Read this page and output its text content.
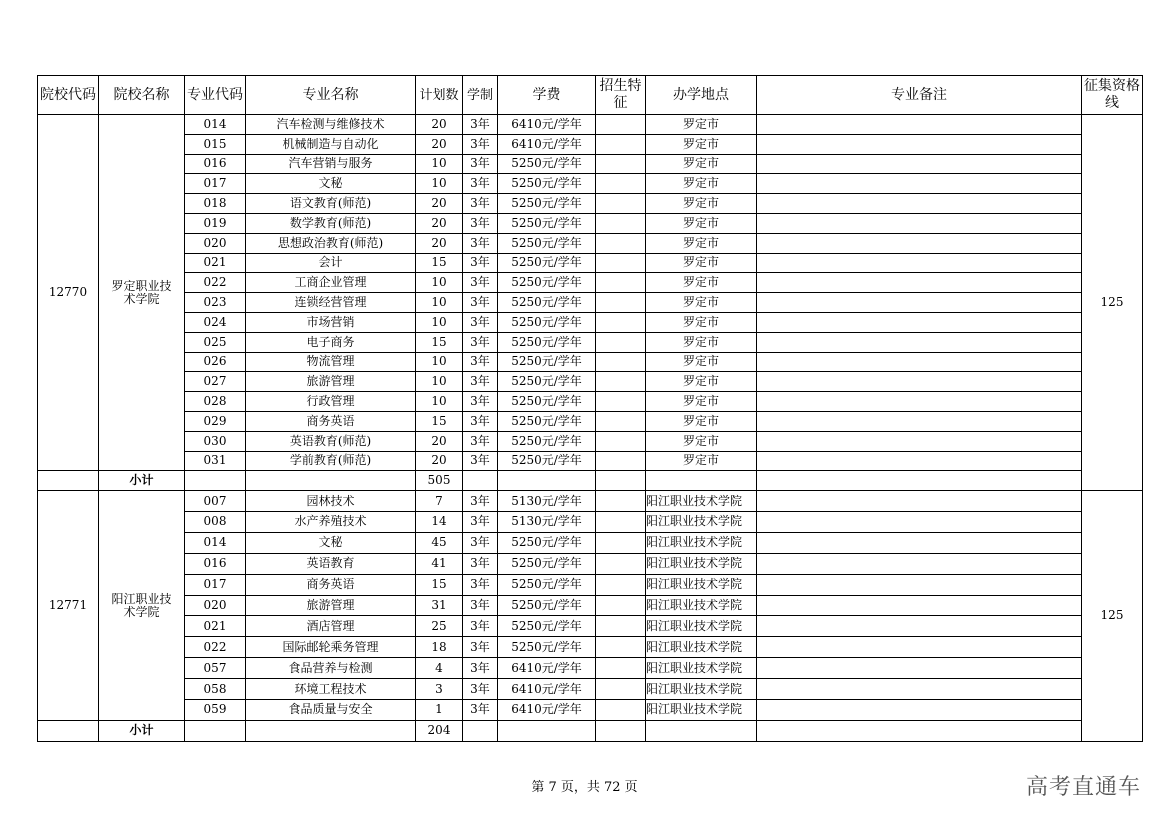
院校代码	院校名称	专业代码	专业名称	计划数	学制	学费	招生特征	办学地点	专业备注	征集资格线
12770	罗定职业技术学院	014	汽车检测与维修技术	20	3年	6410元/学年		罗定市		125
		015	机械制造与自动化	20	3年	6410元/学年		罗定市		
		016	汽车营销与服务	10	3年	5250元/学年		罗定市		
		017	文秘	10	3年	5250元/学年		罗定市		
		018	语文教育(师范)	20	3年	5250元/学年		罗定市		
		019	数学教育(师范)	20	3年	5250元/学年		罗定市		
		020	思想政治教育(师范)	20	3年	5250元/学年		罗定市		
		021	会计	15	3年	5250元/学年		罗定市		
		022	工商企业管理	10	3年	5250元/学年		罗定市		
		023	连锁经营管理	10	3年	5250元/学年		罗定市		
		024	市场营销	10	3年	5250元/学年		罗定市		
		025	电子商务	15	3年	5250元/学年		罗定市		
		026	物流管理	10	3年	5250元/学年		罗定市		
		027	旅游管理	10	3年	5250元/学年		罗定市		
		028	行政管理	10	3年	5250元/学年		罗定市		
		029	商务英语	15	3年	5250元/学年		罗定市		
		030	英语教育(师范)	20	3年	5250元/学年		罗定市		
		031	学前教育(师范)	20	3年	5250元/学年		罗定市		
	小计			505						
12771	阳江职业技术学院	007	园林技术	7	3年	5130元/学年		阳江职业技术学院		125
		008	水产养殖技术	14	3年	5130元/学年		阳江职业技术学院		
		014	文秘	45	3年	5250元/学年		阳江职业技术学院		
		016	英语教育	41	3年	5250元/学年		阳江职业技术学院		
		017	商务英语	15	3年	5250元/学年		阳江职业技术学院		
		020	旅游管理	31	3年	5250元/学年		阳江职业技术学院		
		021	酒店管理	25	3年	5250元/学年		阳江职业技术学院		
		022	国际邮轮乘务管理	18	3年	5250元/学年		阳江职业技术学院		
		057	食品营养与检测	4	3年	6410元/学年		阳江职业技术学院		
		058	环境工程技术	3	3年	6410元/学年		阳江职业技术学院		
		059	食品质量与安全	1	3年	6410元/学年		阳江职业技术学院		
	小计			204						
第 7 页，共 72 页	高考直通车
